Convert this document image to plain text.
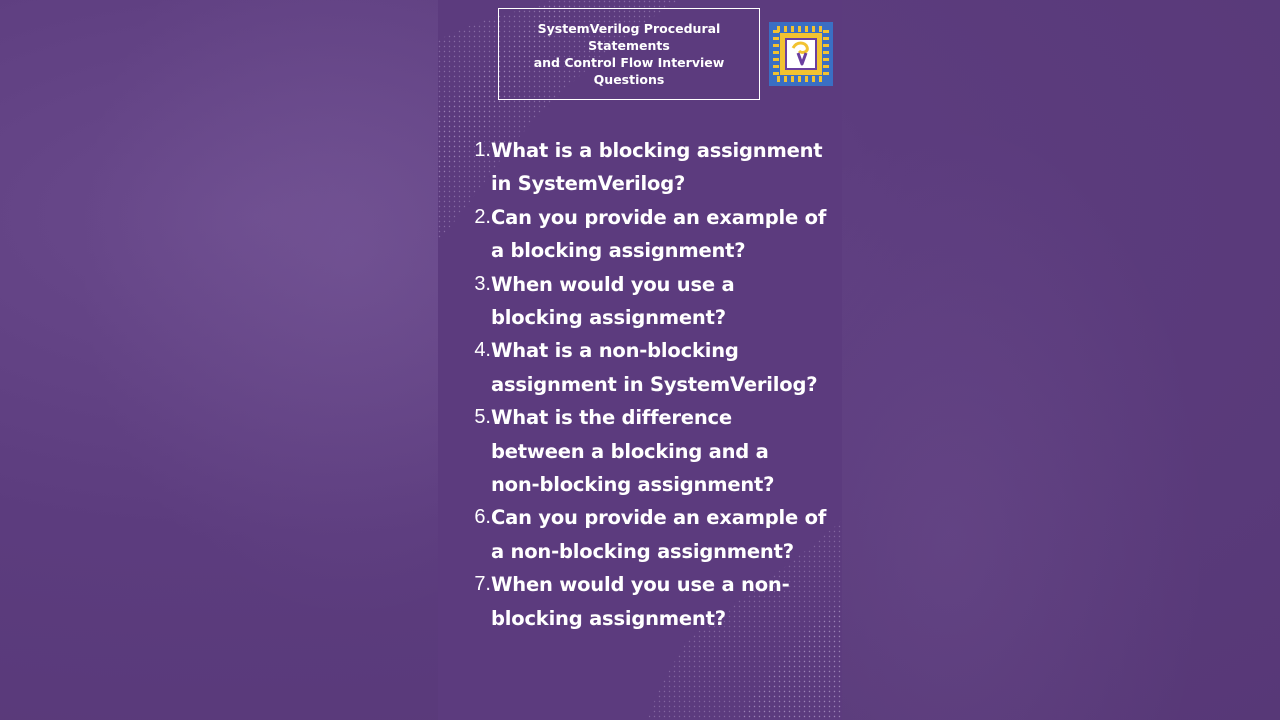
SystemVerilog Procedural
Statements
and Control Flow Interview
Questions
1. What is a blocking assignment
in SystemVerilog?
2. Can you provide an example of
a blocking assignment?
3. When would you use a
blocking assignment?
4. What is a non-blocking
assignment in SystemVerilog?
5. What is the difference
between a blocking and a
non-blocking assignment?
6. Can you provide an example of
a non-blocking assignment?
7. When would you use a non-
blocking assignment?
